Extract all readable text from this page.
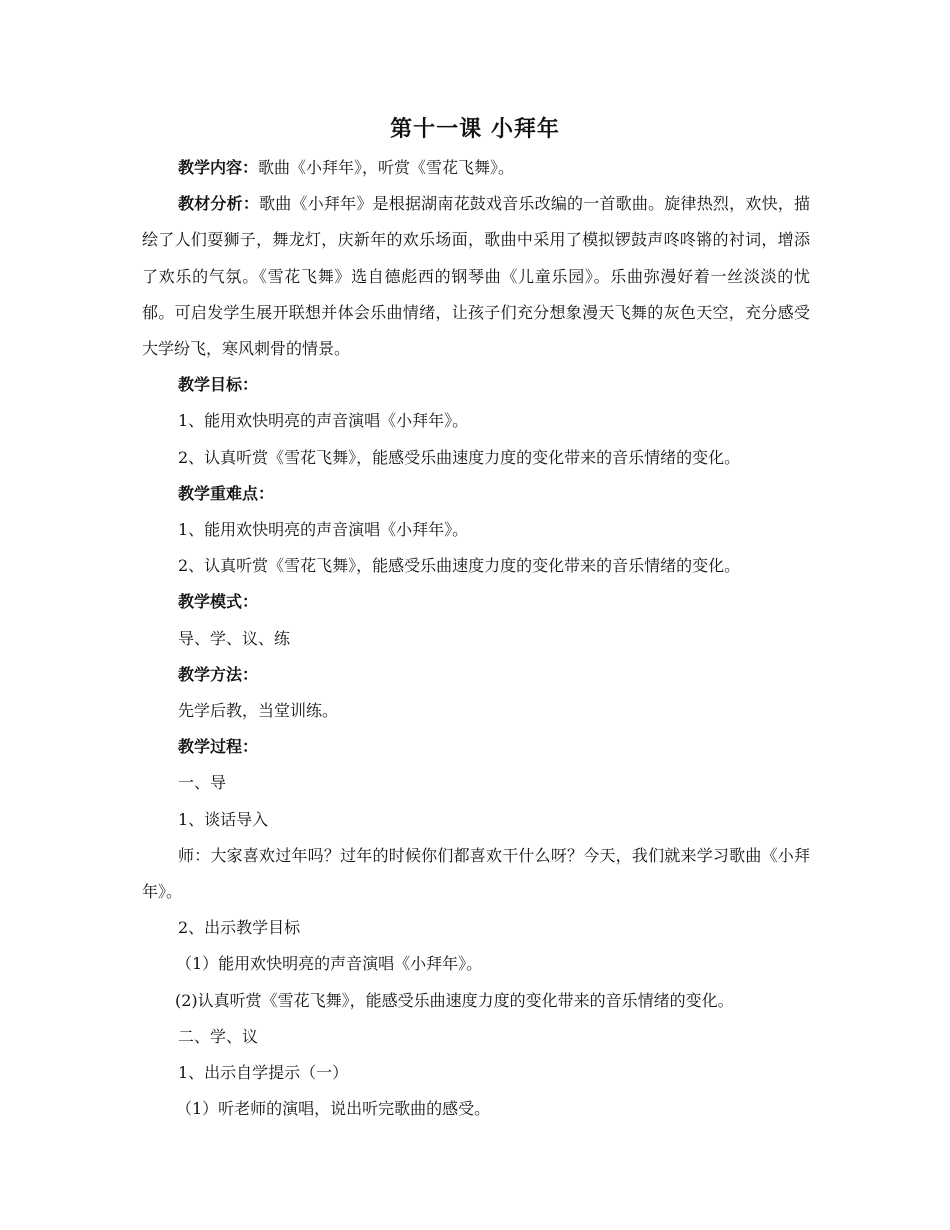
第十一课 小拜年

教学内容：歌曲《小拜年》，听赏《雪花飞舞》。

教材分析：歌曲《小拜年》是根据湖南花鼓戏音乐改编的一首歌曲。旋律热烈，欢快，描绘了人们耍狮子，舞龙灯，庆新年的欢乐场面，歌曲中采用了模拟锣鼓声咚咚锵的衬词，增添了欢乐的气氛。《雪花飞舞》选自德彪西的钢琴曲《儿童乐园》。乐曲弥漫好着一丝淡淡的忧郁。可启发学生展开联想并体会乐曲情绪，让孩子们充分想象漫天飞舞的灰色天空，充分感受大学纷飞，寒风刺骨的情景。

教学目标：

1、能用欢快明亮的声音演唱《小拜年》。

2、认真听赏《雪花飞舞》，能感受乐曲速度力度的变化带来的音乐情绪的变化。

教学重难点：

1、能用欢快明亮的声音演唱《小拜年》。

2、认真听赏《雪花飞舞》，能感受乐曲速度力度的变化带来的音乐情绪的变化。

教学模式：

导、学、议、练

教学方法：

先学后教，当堂训练。

教学过程：

一、导

1、谈话导入

师：大家喜欢过年吗？过年的时候你们都喜欢干什么呀？今天，我们就来学习歌曲《小拜年》。

2、出示教学目标

（1）能用欢快明亮的声音演唱《小拜年》。

(2)认真听赏《雪花飞舞》，能感受乐曲速度力度的变化带来的音乐情绪的变化。

二、学、议

1、出示自学提示（一）

（1）听老师的演唱，说出听完歌曲的感受。
